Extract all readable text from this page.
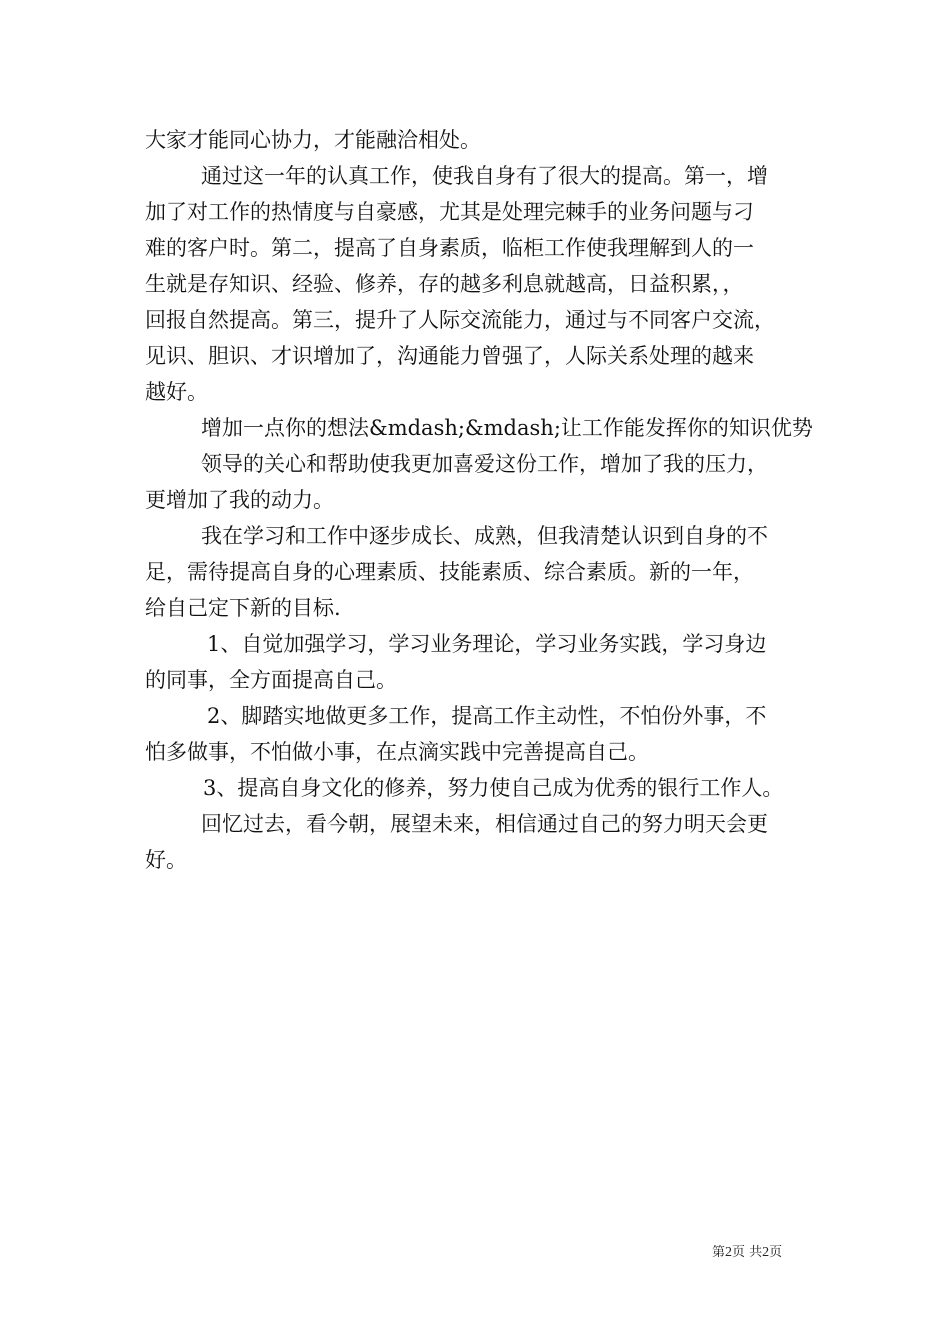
大家才能同心协力，才能融洽相处。
通过这一年的认真工作，使我自身有了很大的提高。第一，增
加了对工作的热情度与自豪感，尤其是处理完棘手的业务问题与刁
难的客户时。第二，提高了自身素质，临柜工作使我理解到人的一
生就是存知识、经验、修养，存的越多利息就越高，日益积累，，
回报自然提高。第三，提升了人际交流能力，通过与不同客户交流，
见识、胆识、才识增加了，沟通能力曾强了，人际关系处理的越来
越好。
增加一点你的想法&mdash;&mdash;让工作能发挥你的知识优势
领导的关心和帮助使我更加喜爱这份工作，增加了我的压力，
更增加了我的动力。
我在学习和工作中逐步成长、成熟，但我清楚认识到自身的不
足，需待提高自身的心理素质、技能素质、综合素质。新的一年，
给自己定下新的目标.
1、自觉加强学习，学习业务理论，学习业务实践，学习身边
的同事，全方面提高自己。
2、脚踏实地做更多工作，提高工作主动性，不怕份外事，不
怕多做事，不怕做小事，在点滴实践中完善提高自己。
3、提高自身文化的修养，努力使自己成为优秀的银行工作人。
回忆过去，看今朝，展望未来，相信通过自己的努力明天会更
好。
第2页 共2页
